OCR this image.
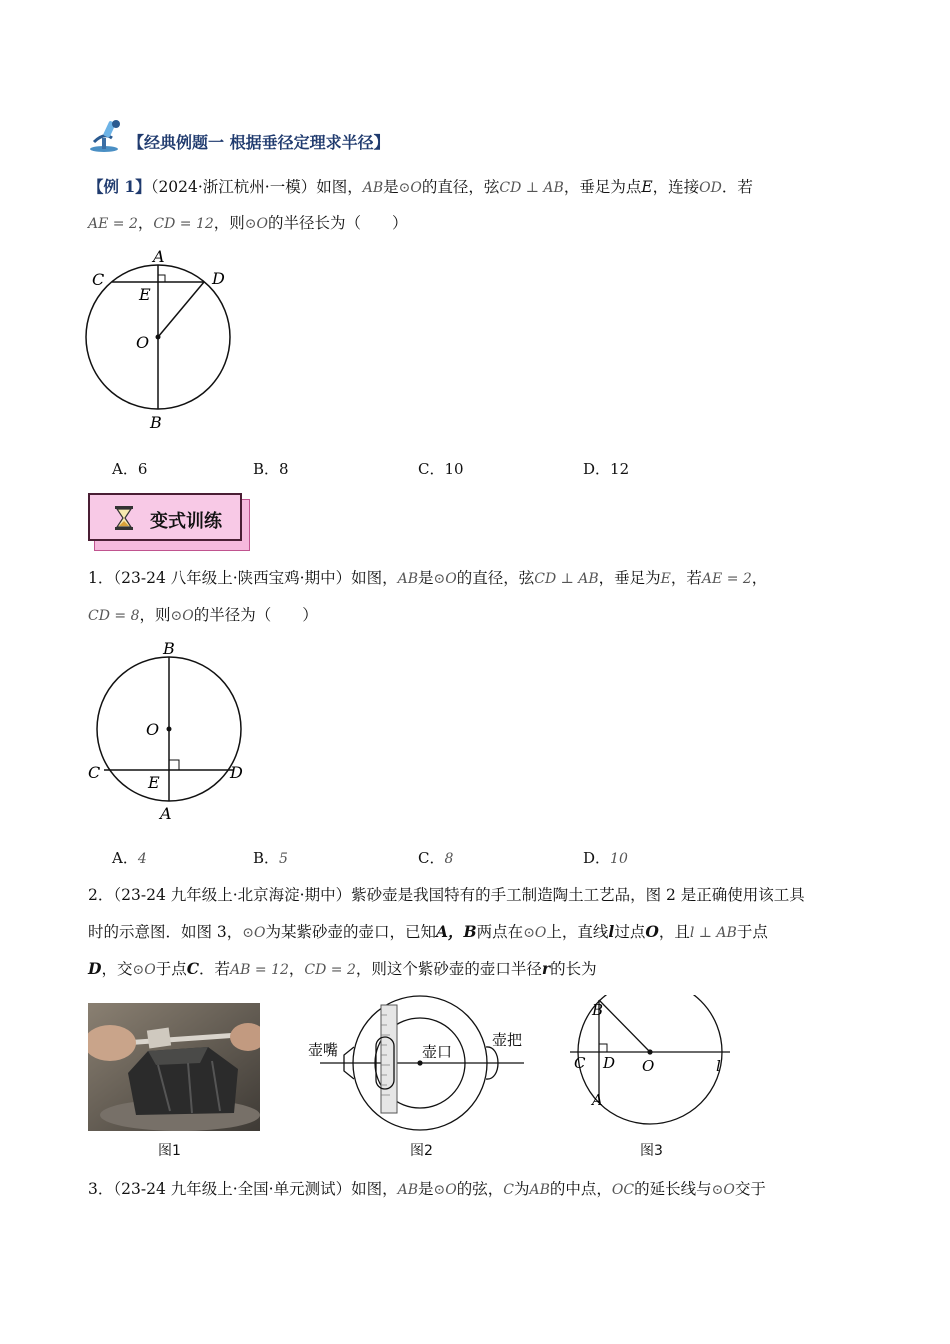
【经典例题一 根据垂径定理求半径】
【例 1】（2024·浙江杭州·一模）如图，AB是⊙O的直径，弦CD ⊥ AB，垂足为点E，连接OD．若
AE = 2，CD = 12，则⊙O的半径长为（　　）
A
C	D
E
O
B
A．6	B．8	C．10	D．12
变式训练
1．（23-24 八年级上·陕西宝鸡·期中）如图，AB是⊙O的直径，弦CD ⊥ AB，垂足为E，若AE = 2，
CD = 8，则⊙O的半径为（　　）
B
O
C	D
E
A
A．4	B．5	C．8	D．10
2．（23-24 九年级上·北京海淀·期中）紫砂壶是我国特有的手工制造陶土工艺品，图 2 是正确使用该工具
时的示意图．如图 3，⊙O为某紫砂壶的壶口，已知A，B两点在⊙O上，直线l过点O，且l ⊥ AB于点
D，交⊙O于点C．若AB = 12，CD = 2，则这个紫砂壶的壶口半径r的长为
壶嘴	壶口
壶把
B
C D O	l
A
图1	图2	图3
3．（23-24 九年级上·全国·单元测试）如图，AB是⊙O的弦，C为AB的中点，OC的延长线与⊙O交于
